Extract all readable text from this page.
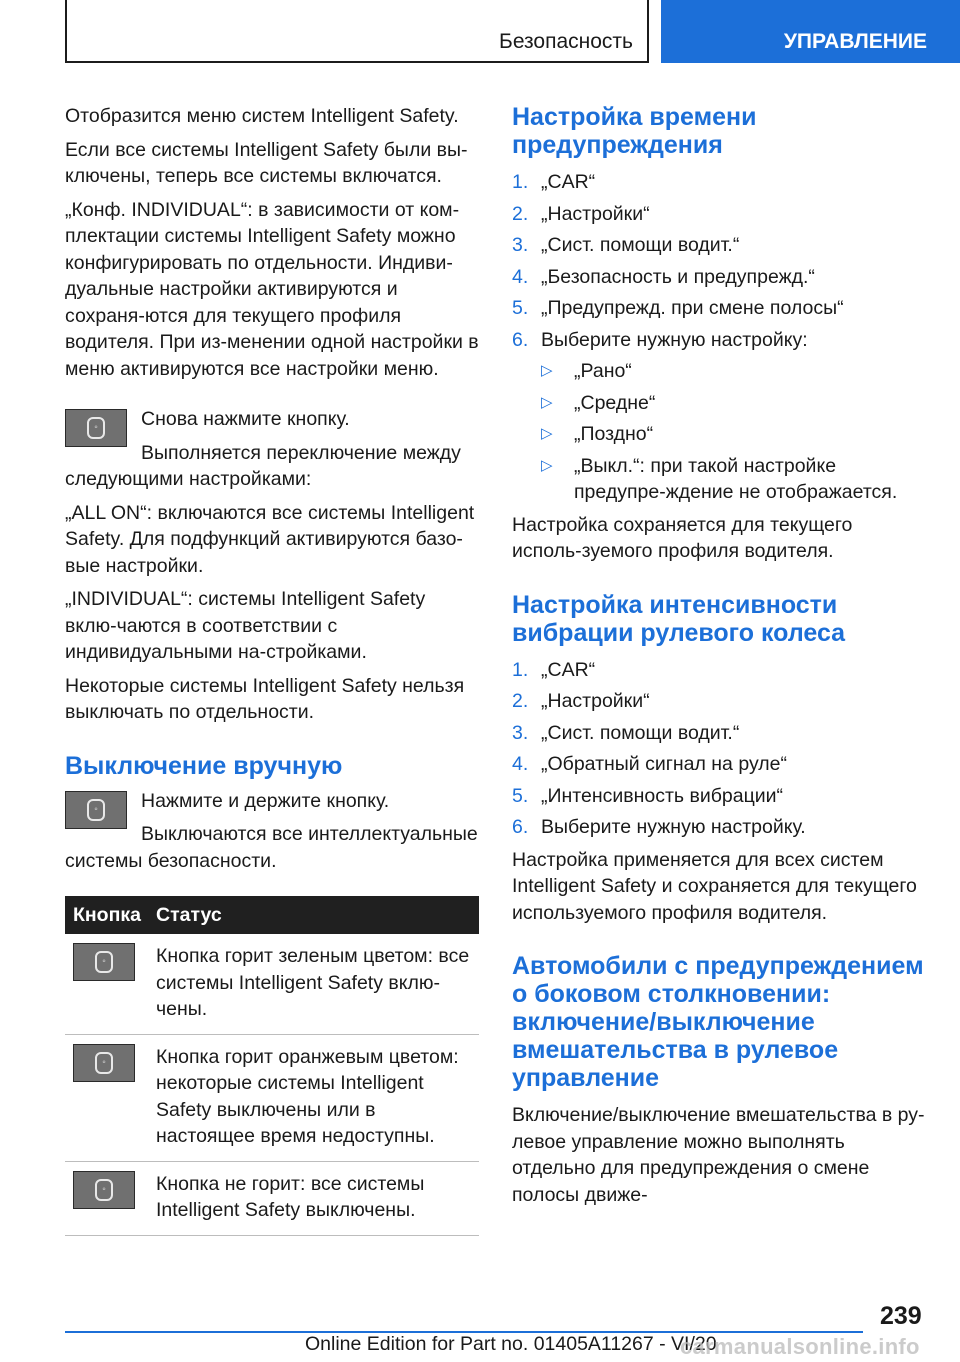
Безопасность	УПРАВЛЕНИЕ

Отобразится меню систем Intelligent Safety.

Если все системы Intelligent Safety были вы-ключены, теперь все системы включатся.

„Конф. INDIVIDUAL“: в зависимости от ком-плектации системы Intelligent Safety можно конфигурировать по отдельности. Индиви-дуальные настройки активируются и сохраня-ются для текущего профиля водителя. При из-менении одной настройки в меню активируются все настройки меню.

◦	Снова нажмите кнопку.

Выполняется переключение между следующими настройками:

„ALL ON“: включаются все системы Intelligent Safety. Для подфункций активируются базо-вые настройки.

„INDIVIDUAL“: системы Intelligent Safety вклю-чаются в соответствии с индивидуальными на-стройками.

Некоторые системы Intelligent Safety нельзя выключать по отдельности.

Выключение вручную
◦	Нажмите и держите кнопку.

Выключаются все интеллектуальные системы безопасности.

Кнопка	Статус

◦	Кнопка горит зеленым цветом: все системы Intelligent Safety вклю-чены.

◦	Кнопка горит оранжевым цветом: некоторые системы Intelligent Safety выключены или в настоящее время недоступны.

◦	Кнопка не горит: все системы Intelligent Safety выключены.
Настройка времени предупреждения
1. „CAR“
2. „Настройки“
3. „Сист. помощи водит.“
4. „Безопасность и предупрежд.“
5. „Предупрежд. при смене полосы“
6. Выберите нужную настройку:
▷ „Рано“
▷ „Средне“
▷ „Поздно“
▷ „Выкл.“: при такой настройке предупре-ждение не отображается.

Настройка сохраняется для текущего исполь-зуемого профиля водителя.

Настройка интенсивности вибрации рулевого колеса
1. „CAR“
2. „Настройки“
3. „Сист. помощи водит.“
4. „Обратный сигнал на руле“
5. „Интенсивность вибрации“
6. Выберите нужную настройку.

Настройка применяется для всех систем Intelligent Safety и сохраняется для текущего используемого профиля водителя.

Автомобили с предупреждением о боковом столкновении: включение/выключение вмешательства в рулевое управление

Включение/выключение вмешательства в ру-левое управление можно выполнять отдельно для предупреждения о смене полосы движе-

239
Online Edition for Part no. 01405A11267 - VI/20
carmanualsonline.info
